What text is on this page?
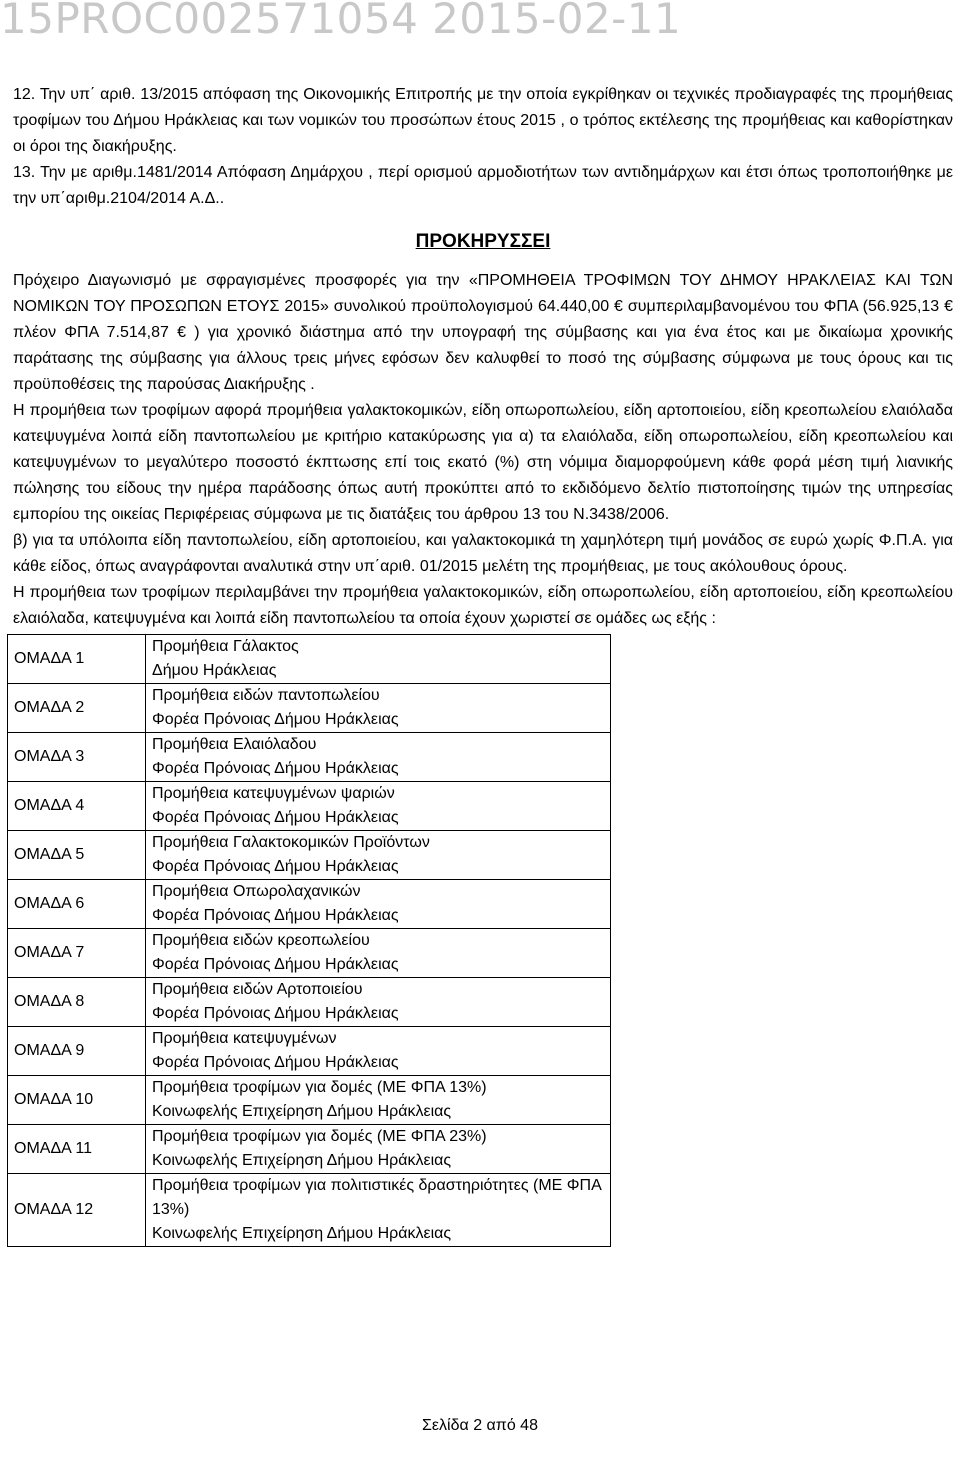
15PROC002571054 2015-02-11

12. Την υπ΄ αριθ. 13/2015 απόφαση της Οικονομικής Επιτροπής με την οποία εγκρίθηκαν οι τεχνικές προδιαγραφές της προμήθειας τροφίμων του Δήμου Ηράκλειας και των νομικών του προσώπων έτους 2015 , ο τρόπος εκτέλεσης της προμήθειας και καθορίστηκαν οι όροι της διακήρυξης.

13. Την με αριθμ.1481/2014 Απόφαση Δημάρχου , περί ορισμού αρμοδιοτήτων των αντιδημάρχων και έτσι όπως τροποποιήθηκε με την υπ΄αριθμ.2104/2014 Α.Δ..

ΠΡΟΚΗΡΥΣΣΕΙ

Πρόχειρο Διαγωνισμό με σφραγισμένες προσφορές για την «ΠΡΟΜΗΘΕΙΑ ΤΡΟΦΙΜΩΝ ΤΟΥ ΔΗΜΟΥ ΗΡΑΚΛΕΙΑΣ ΚΑΙ ΤΩΝ ΝΟΜΙΚΩΝ ΤΟΥ ΠΡΟΣΩΠΩΝ ΕΤΟΥΣ 2015» συνολικού προϋπολογισμού 64.440,00 € συμπεριλαμβανομένου του ΦΠΑ (56.925,13 € πλέον ΦΠΑ 7.514,87 € ) για χρονικό διάστημα από την υπογραφή της σύμβασης και για ένα έτος και με δικαίωμα χρονικής παράτασης της σύμβασης για άλλους τρεις μήνες εφόσων δεν καλυφθεί το ποσό της σύμβασης σύμφωνα με τους όρους και τις προϋποθέσεις της παρούσας Διακήρυξης .

Η προμήθεια των τροφίμων αφορά προμήθεια γαλακτοκομικών, είδη οπωροπωλείου, είδη αρτοποιείου, είδη κρεοπωλείου ελαιόλαδα κατεψυγμένα λοιπά είδη παντοπωλείου με κριτήριο κατακύρωσης για α) τα ελαιόλαδα, είδη οπωροπωλείου, είδη κρεοπωλείου και κατεψυγμένων το μεγαλύτερο ποσοστό έκπτωσης επί τοις εκατό (%) στη νόμιμα διαμορφούμενη κάθε φορά μέση τιμή λιανικής πώλησης του είδους την ημέρα παράδοσης όπως αυτή προκύπτει από το εκδιδόμενο δελτίο πιστοποίησης τιμών της υπηρεσίας εμπορίου της οικείας Περιφέρειας σύμφωνα με τις διατάξεις του άρθρου 13 του Ν.3438/2006.

β) για τα υπόλοιπα είδη παντοπωλείου, είδη αρτοποιείου, και γαλακτοκομικά τη χαμηλότερη τιμή μονάδος σε ευρώ χωρίς Φ.Π.Α. για κάθε είδος, όπως αναγράφονται αναλυτικά στην υπ΄αριθ. 01/2015 μελέτη της προμήθειας, με τους ακόλουθους όρους.

Η προμήθεια των τροφίμων περιλαμβάνει την προμήθεια γαλακτοκομικών, είδη οπωροπωλείου, είδη αρτοποιείου, είδη κρεοπωλείου ελαιόλαδα, κατεψυγμένα και λοιπά είδη παντοπωλείου τα οποία έχουν χωριστεί σε ομάδες ως εξής :

ΟΜΑΔΑ 1	Προμήθεια Γάλακτος
Δήμου Ηράκλειας

ΟΜΑΔΑ 2	Προμήθεια ειδών παντοπωλείου
Φορέα Πρόνοιας Δήμου Ηράκλειας

ΟΜΑΔΑ 3	Προμήθεια Ελαιόλαδου
Φορέα Πρόνοιας Δήμου Ηράκλειας

ΟΜΑΔΑ 4	Προμήθεια κατεψυγμένων ψαριών
Φορέα Πρόνοιας Δήμου Ηράκλειας

ΟΜΑΔΑ 5	Προμήθεια Γαλακτοκομικών Προϊόντων
Φορέα Πρόνοιας Δήμου Ηράκλειας

ΟΜΑΔΑ 6	Προμήθεια Οπωρολαχανικών
Φορέα Πρόνοιας Δήμου Ηράκλειας

ΟΜΑΔΑ 7	Προμήθεια ειδών κρεοπωλείου
Φορέα Πρόνοιας Δήμου Ηράκλειας

ΟΜΑΔΑ 8	Προμήθεια ειδών Αρτοποιείου
Φορέα Πρόνοιας Δήμου Ηράκλειας

ΟΜΑΔΑ 9	Προμήθεια κατεψυγμένων
Φορέα Πρόνοιας Δήμου Ηράκλειας

ΟΜΑΔΑ 10	Προμήθεια τροφίμων για δομές (ΜΕ ΦΠΑ 13%)
Κοινωφελής Επιχείρηση Δήμου Ηράκλειας

ΟΜΑΔΑ 11	Προμήθεια τροφίμων για δομές (ΜΕ ΦΠΑ 23%)
Κοινωφελής Επιχείρηση Δήμου Ηράκλειας

ΟΜΑΔΑ 12	Προμήθεια τροφίμων για πολιτιστικές δραστηριότητες (ΜΕ ΦΠΑ 13%)
Κοινωφελής Επιχείρηση Δήμου Ηράκλειας
Σελίδα 2 από 48
